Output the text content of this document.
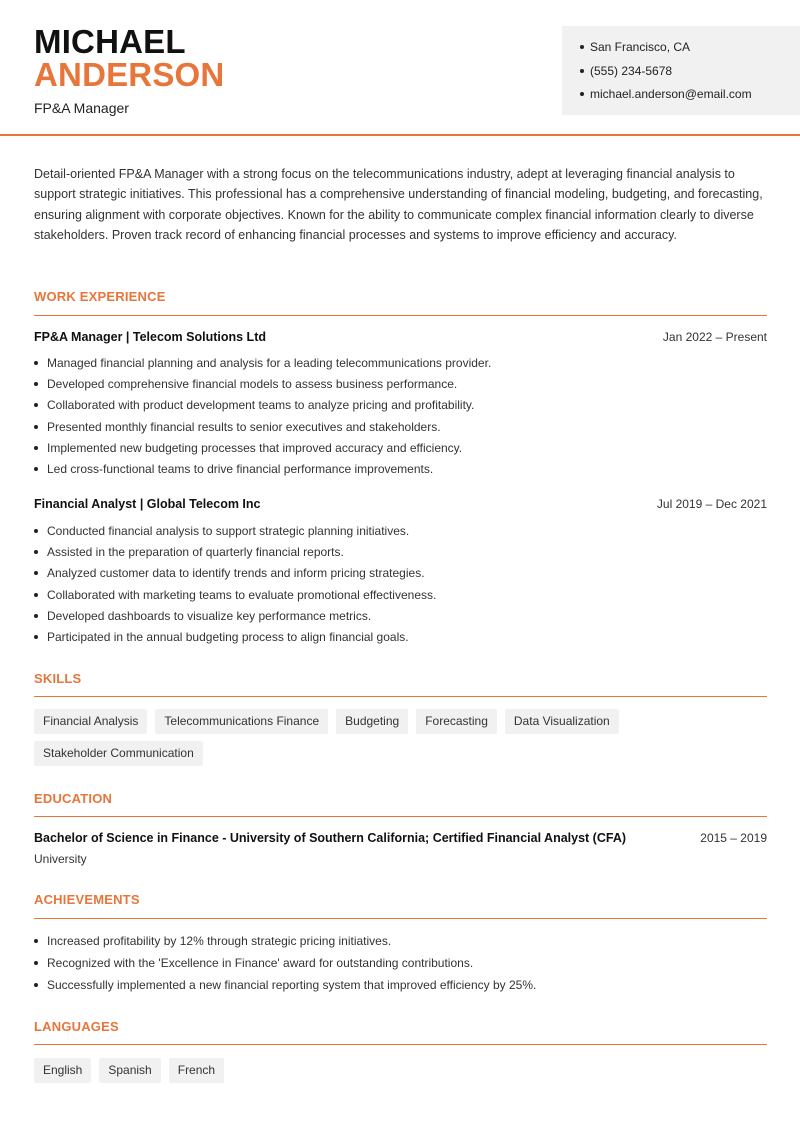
MICHAEL
ANDERSON
FP&A Manager
San Francisco, CA
(555) 234-5678
michael.anderson@email.com

Detail-oriented FP&A Manager with a strong focus on the telecommunications industry, adept at leveraging financial analysis to support strategic initiatives. This professional has a comprehensive understanding of financial modeling, budgeting, and forecasting, ensuring alignment with corporate objectives. Known for the ability to communicate complex financial information clearly to diverse stakeholders. Proven track record of enhancing financial processes and systems to improve efficiency and accuracy.

WORK EXPERIENCE
FP&A Manager | Telecom Solutions Ltd	Jan 2022 – Present
Managed financial planning and analysis for a leading telecommunications provider.
Developed comprehensive financial models to assess business performance.
Collaborated with product development teams to analyze pricing and profitability.
Presented monthly financial results to senior executives and stakeholders.
Implemented new budgeting processes that improved accuracy and efficiency.
Led cross-functional teams to drive financial performance improvements.
Financial Analyst | Global Telecom Inc	Jul 2019 – Dec 2021
Conducted financial analysis to support strategic planning initiatives.
Assisted in the preparation of quarterly financial reports.
Analyzed customer data to identify trends and inform pricing strategies.
Collaborated with marketing teams to evaluate promotional effectiveness.
Developed dashboards to visualize key performance metrics.
Participated in the annual budgeting process to align financial goals.
SKILLS
Financial Analysis	Telecommunications Finance	Budgeting	Forecasting	Data Visualization
Stakeholder Communication
EDUCATION
Bachelor of Science in Finance - University of Southern California; Certified Financial Analyst (CFA)	2015 – 2019
University
ACHIEVEMENTS
Increased profitability by 12% through strategic pricing initiatives.
Recognized with the 'Excellence in Finance' award for outstanding contributions.
Successfully implemented a new financial reporting system that improved efficiency by 25%.
LANGUAGES
English	Spanish	French
